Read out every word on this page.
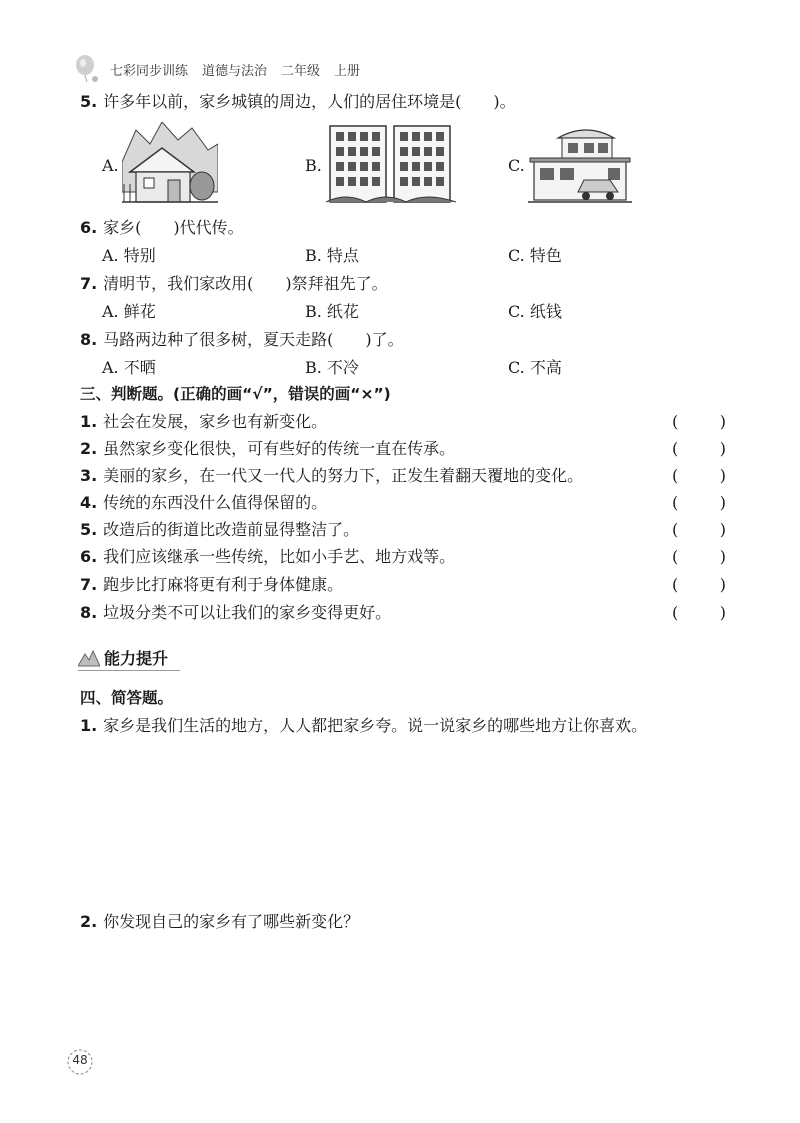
七彩同步训练 道德与法治 二年级 上册
5. 许多年以前，家乡城镇的周边，人们的居住环境是(　　)。
A.	B.	C.
6. 家乡(　　)代代传。
A. 特别	B. 特点	C. 特色
7. 清明节，我们家改用(　　)祭拜祖先了。
A. 鲜花	B. 纸花	C. 纸钱
8. 马路两边种了很多树，夏天走路(　　)了。
A. 不晒	B. 不冷	C. 不高
三、判断题。(正确的画“√”，错误的画“×”)
1. 社会在发展，家乡也有新变化。	(	)
2. 虽然家乡变化很快，可有些好的传统一直在传承。	(	)
3. 美丽的家乡，在一代又一代人的努力下，正发生着翻天覆地的变化。	(	)
4. 传统的东西没什么值得保留的。	(	)
5. 改造后的街道比改造前显得整洁了。	(	)
6. 我们应该继承一些传统，比如小手艺、地方戏等。	(	)
7. 跑步比打麻将更有利于身体健康。	(	)
8. 垃圾分类不可以让我们的家乡变得更好。	(	)
能力提升
四、简答题。
1. 家乡是我们生活的地方，人人都把家乡夸。说一说家乡的哪些地方让你喜欢。
2. 你发现自己的家乡有了哪些新变化？
48
